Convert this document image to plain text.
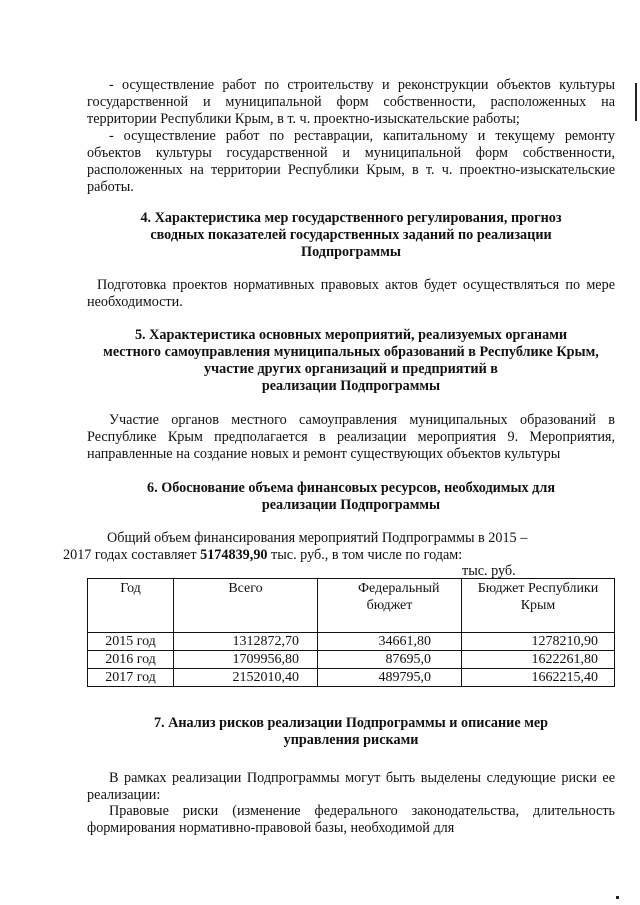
- осуществление работ по строительству и реконструкции объектов культуры государственной и муниципальной форм собственности, расположенных на территории Республики Крым, в т. ч. проектно-изыскательские работы;

- осуществление работ по реставрации, капитальному и текущему ремонту объектов культуры государственной и муниципальной форм собственности, расположенных на территории Республики Крым, в т. ч. проектно-изыскательские работы.

4. Характеристика мер государственного регулирования, прогноз
сводных показателей государственных заданий по реализации
Подпрограммы

Подготовка проектов нормативных правовых актов будет осуществляться по мере необходимости.

5. Характеристика основных мероприятий, реализуемых органами
местного самоуправления муниципальных образований в Республике Крым,
участие других организаций и предприятий в
реализации Подпрограммы

Участие органов местного самоуправления муниципальных образований в Республике Крым предполагается в реализации мероприятия 9. Мероприятия, направленные на создание новых и ремонт существующих объектов культуры

6. Обоснование объема финансовых ресурсов, необходимых для
реализации Подпрограммы

Общий объем финансирования мероприятий Подпрограммы в 2015 –

2017 годах составляет 5174839,90 тыс. руб., в том числе по годам:

тыс. руб.

Год	Всего	Федеральный бюджет	Бюджет Республики Крым
2015 год	1312872,70	34661,80	1278210,90
2016 год	1709956,80	87695,0	1622261,80
2017 год	2152010,40	489795,0	1662215,40
7. Анализ рисков реализации Подпрограммы и описание мер
управления рисками

В рамках реализации Подпрограммы могут быть выделены следующие риски ее реализации:

Правовые риски (изменение федерального законодательства, длительность формирования нормативно-правовой базы, необходимой для
